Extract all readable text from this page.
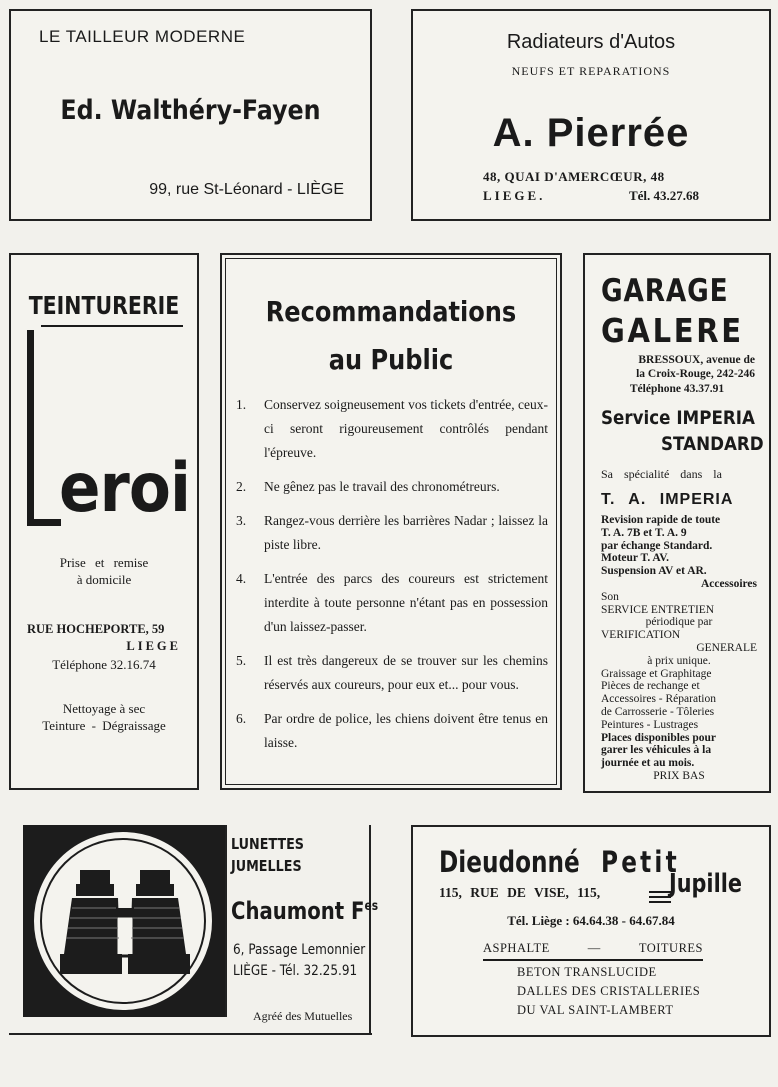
LE TAILLEUR MODERNE
Ed. Walthéry-Fayen
99, rue St-Léonard - LIÈGE
Radiateurs d'Autos
NEUFS ET REPARATIONS
A. Pierrée
48, QUAI D'AMERCŒUR, 48
LIEGE.	Tél. 43.27.68
TEINTURERIE
eroi
Prise et remise
à domicile
RUE HOCHEPORTE, 59
LIEGE
Téléphone 32.16.74
Nettoyage à sec
Teinture - Dégraissage
Recommandations
au Public
1.	Conservez soigneusement vos tickets d'entrée, ceux-ci seront rigoureusement contrôlés pendant l'épreuve.
2.	Ne gênez pas le travail des chronométreurs.
3.	Rangez-vous derrière les barrières Nadar ; laissez la piste libre.
4.	L'entrée des parcs des coureurs est strictement interdite à toute personne n'étant pas en possession d'un laissez-passer.
5.	Il est très dangereux de se trouver sur les chemins réservés aux coureurs, pour eux et... pour vous.
6.	Par ordre de police, les chiens doivent être tenus en laisse.
GARAGE
GALERE
BRESSOUX, avenue de
la Croix-Rouge, 242-246
Téléphone 43.37.91
Service IMPERIA
STANDARD
Sa spécialité dans la
T. A. IMPERIA
Revision rapide de toute
T. A. 7B et T. A. 9
par échange Standard.
Moteur T. AV.
Suspension AV et AR.
Accessoires
Son
SERVICE ENTRETIEN
périodique par
VERIFICATION
GENERALE
à prix unique.
Graissage et Graphitage
Pièces de rechange et
Accessoires - Réparation
de Carrosserie - Tôleries
Peintures - Lustrages
Places disponibles pour
garer les véhicules à la
journée et au mois.
PRIX BAS
LUNETTES
JUMELLES
Chaumont $F^{es}$
6, Passage Lemonnier
LIÈGE - Tél. 32.25.91
Agréé des Mutuelles
Dieudonné Petit
115, RUE DE VISE, 115,	Jupille
Tél. Liège : 64.64.38 - 64.67.84
ASPHALTE	—	TOITURES
BETON TRANSLUCIDE
DALLES DES CRISTALLERIES
DU VAL SAINT-LAMBERT
